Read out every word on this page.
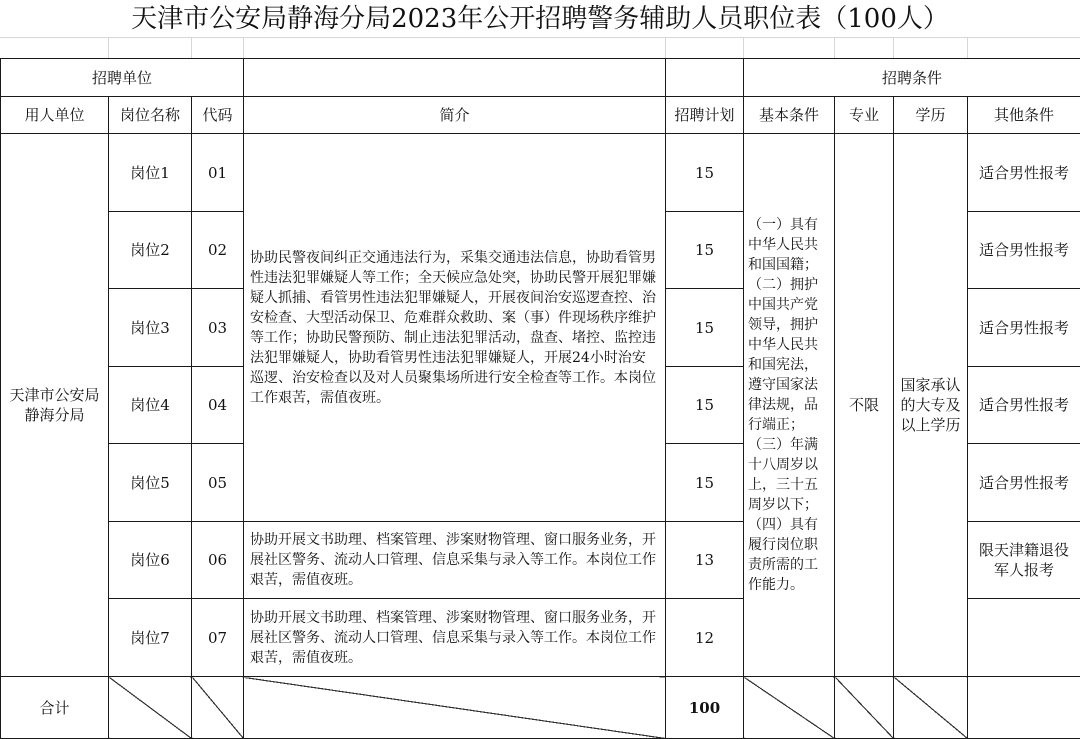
天津市公安局静海分局2023年公开招聘警务辅助人员职位表（100人）
招聘单位					招聘条件			
用人单位	岗位名称	代码	简介	招聘计划	基本条件	专业	学历	其他条件
天津市公安局静海分局	岗位1	01	协助民警夜间纠正交通违法行为，采集交通违法信息，协助看管男性违法犯罪嫌疑人等工作；全天候应急处突，协助民警开展犯罪嫌疑人抓捕、看管男性违法犯罪嫌疑人，开展夜间治安巡逻查控、治安检查、大型活动保卫、危难群众救助、案（事）件现场秩序维护等工作；协助民警预防、制止违法犯罪活动，盘查、堵控、监控违法犯罪嫌疑人，协助看管男性违法犯罪嫌疑人，开展24小时治安巡逻、治安检查以及对人员聚集场所进行安全检查等工作。本岗位工作艰苦，需值夜班。	15	（一）具有中华人民共和国国籍；（二）拥护中国共产党领导，拥护中华人民共和国宪法，遵守国家法律法规，品行端正；（三）年满十八周岁以上，三十五周岁以下；（四）具有履行岗位职责所需的工作能力。	不限	国家承认的大专及以上学历	适合男性报考
	岗位2	02		15				适合男性报考
	岗位3	03		15				适合男性报考
	岗位4	04		15				适合男性报考
	岗位5	05		15				适合男性报考
	岗位6	06	协助开展文书助理、档案管理、涉案财物管理、窗口服务业务，开展社区警务、流动人口管理、信息采集与录入等工作。本岗位工作艰苦，需值夜班。	13				限天津籍退役军人报考
	岗位7	07	协助开展文书助理、档案管理、涉案财物管理、窗口服务业务，开展社区警务、流动人口管理、信息采集与录入等工作。本岗位工作艰苦，需值夜班。	12				
合计				100				
